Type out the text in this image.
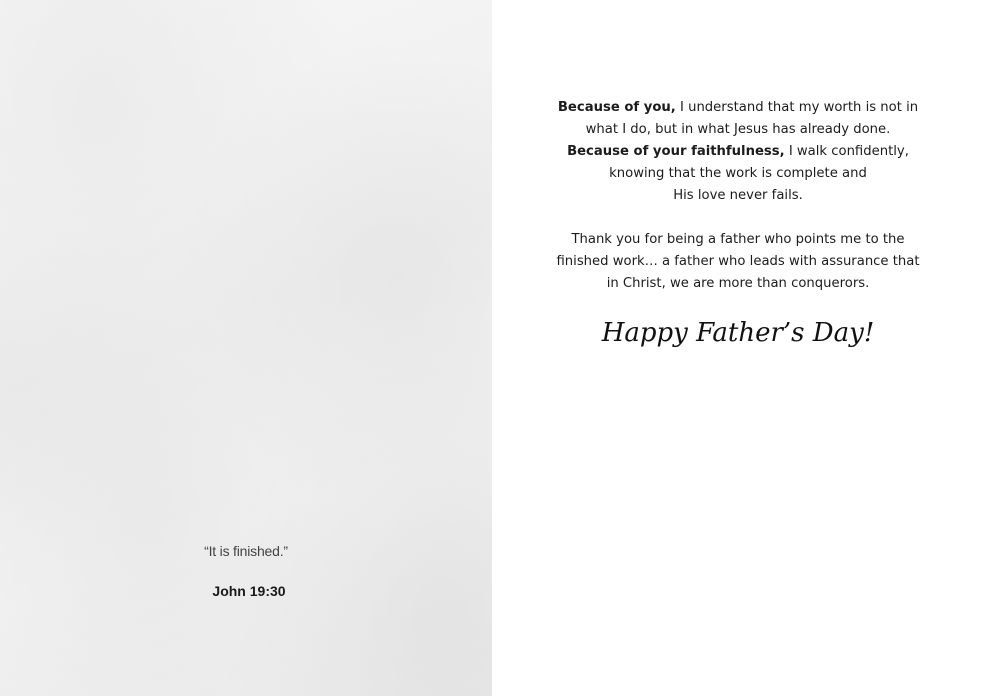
“It is finished.”
John 19:30
Because of you, I understand that my worth is not in
what I do, but in what Jesus has already done.
Because of your faithfulness, I walk confidently,
knowing that the work is complete and
His love never fails.
Thank you for being a father who points me to the
finished work… a father who leads with assurance that
in Christ, we are more than conquerors.
Happy Father’s Day!
